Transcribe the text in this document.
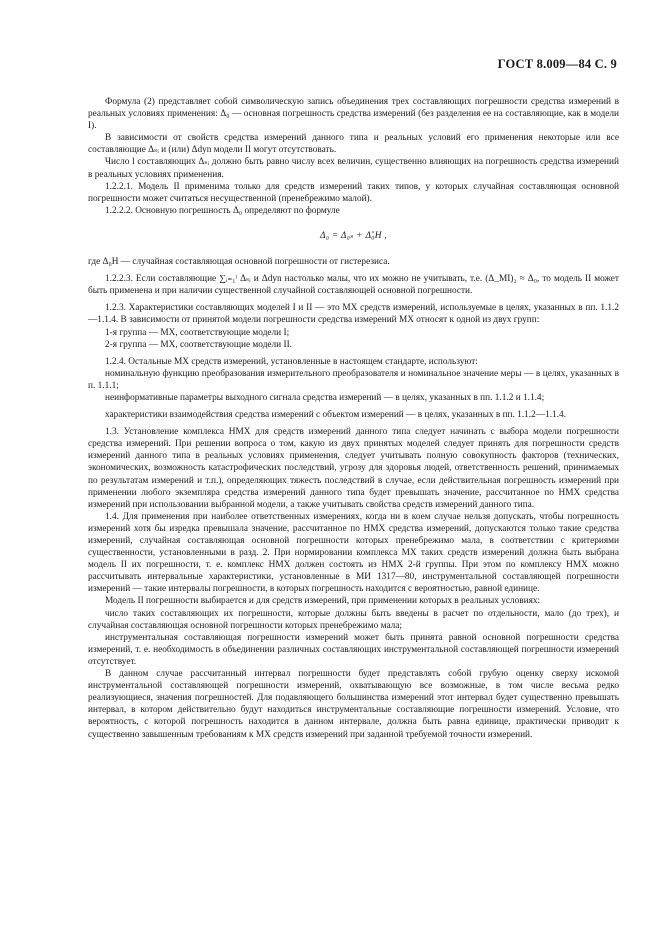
ГОСТ 8.009—84 С. 9

Формула (2) представляет собой символическую запись объединения трех составляющих погрешности средства измерений в реальных условиях применения: Δ₀ — основная погрешность средства измерений (без разделения ее на составляющие, как в модели I).

В зависимости от свойств средства измерений данного типа и реальных условий его применения некоторые или все составляющие Δₛᵢ и (или) Δdyn модели II могут отсутствовать.

Число l составляющих Δₛᵢ должно быть равно числу всех величин, существенно влияющих на погрешность средства измерений в реальных условиях применения.

1.2.2.1. Модель II применима только для средств измерений таких типов, у которых случайная составляющая основной погрешности может считаться несущественной (пренебрежимо малой).

1.2.2.2. Основную погрешность Δ₀ определяют по формуле

Δ₀ = Δ₀ₛ + Δ̊₀H ,

где Δ₀H — случайная составляющая основной погрешности от гистерезиса.

1.2.2.3. Если составляющие ∑ᵢ₌₁ˡ Δₛᵢ и Δdyn настолько малы, что их можно не учитывать, т.е. (Δ_MI)₂ ≈ Δ₀, то модель II может быть применена и при наличии существенной случайной составляющей основной погрешности.

1.2.3. Характеристики составляющих моделей I и II — это МХ средств измерений, используемые в целях, указанных в пп. 1.1.2—1.1.4. В зависимости от принятой модели погрешности средства измерений МХ относят к одной из двух групп:

1-я группа — МХ, соответствующие модели I;

2-я группа — МХ, соответствующие модели II.

1.2.4. Остальные МХ средств измерений, установленные в настоящем стандарте, используют:

номинальную функцию преобразования измерительного преобразователя и номинальное значение меры — в целях, указанных в п. 1.1.1;

неинформативные параметры выходного сигнала средства измерений — в целях, указанных в пп. 1.1.2 и 1.1.4;

характеристики взаимодействия средства измерений с объектом измерений — в целях, указанных в пп. 1.1.2—1.1.4.

1.3. Установление комплекса НМХ для средств измерений данного типа следует начинать с выбора модели погрешности средства измерений. При решении вопроса о том, какую из двух принятых моделей следует принять для погрешности средств измерений данного типа в реальных условиях применения, следует учитывать полную совокупность факторов (технических, экономических, возможность катастрофических последствий, угрозу для здоровья людей, ответственность решений, принимаемых по результатам измерений и т.п.), определяющих тяжесть последствий в случае, если действительная погрешность измерений при применении любого экземпляра средства измерений данного типа будет превышать значение, рассчитанное по НМХ средства измерений при использовании выбранной модели, а также учитывать свойства средств измерений данного типа.

1.4. Для применения при наиболее ответственных измерениях, когда ни в коем случае нельзя допускать, чтобы погрешность измерений хотя бы изредка превышала значение, рассчитанное по НМХ средства измерений, допускаются только такие средства измерений, случайная составляющая основной погрешности которых пренебрежимо мала, в соответствии с критериями существенности, установленными в разд. 2. При нормировании комплекса МХ таких средств измерений должна быть выбрана модель II их погрешности, т. е. комплекс НМХ должен состоять из НМХ 2-й группы. При этом по комплексу НМХ можно рассчитывать интервальные характеристики, установленные в МИ 1317—80, инструментальной составляющей погрешности измерений — такие интервалы погрешности, в которых погрешность находится с вероятностью, равной единице.

Модель II погрешности выбирается и для средств измерений, при применении которых в реальных условиях:

число таких составляющих их погрешности, которые должны быть введены в расчет по отдельности, мало (до трех), и случайная составляющая основной погрешности которых пренебрежимо мала;

инструментальная составляющая погрешности измерений может быть принята равной основной погрешности средства измерений, т. е. необходимость в объединении различных составляющих инструментальной составляющей погрешности измерений отсутствует.

В данном случае рассчитанный интервал погрешности будет представлять собой грубую оценку сверху искомой инструментальной составляющей погрешности измерений, охватывающую все возможные, в том числе весьма редко реализующиеся, значения погрешностей. Для подавляющего большинства измерений этот интервал будет существенно превышать интервал, в котором действительно будут находиться инструментальные составляющие погрешности измерений. Условие, что вероятность, с которой погрешность находится в данном интервале, должна быть равна единице, практически приводит к существенно завышенным требованиям к МХ средств измерений при заданной требуемой точности измерений.
